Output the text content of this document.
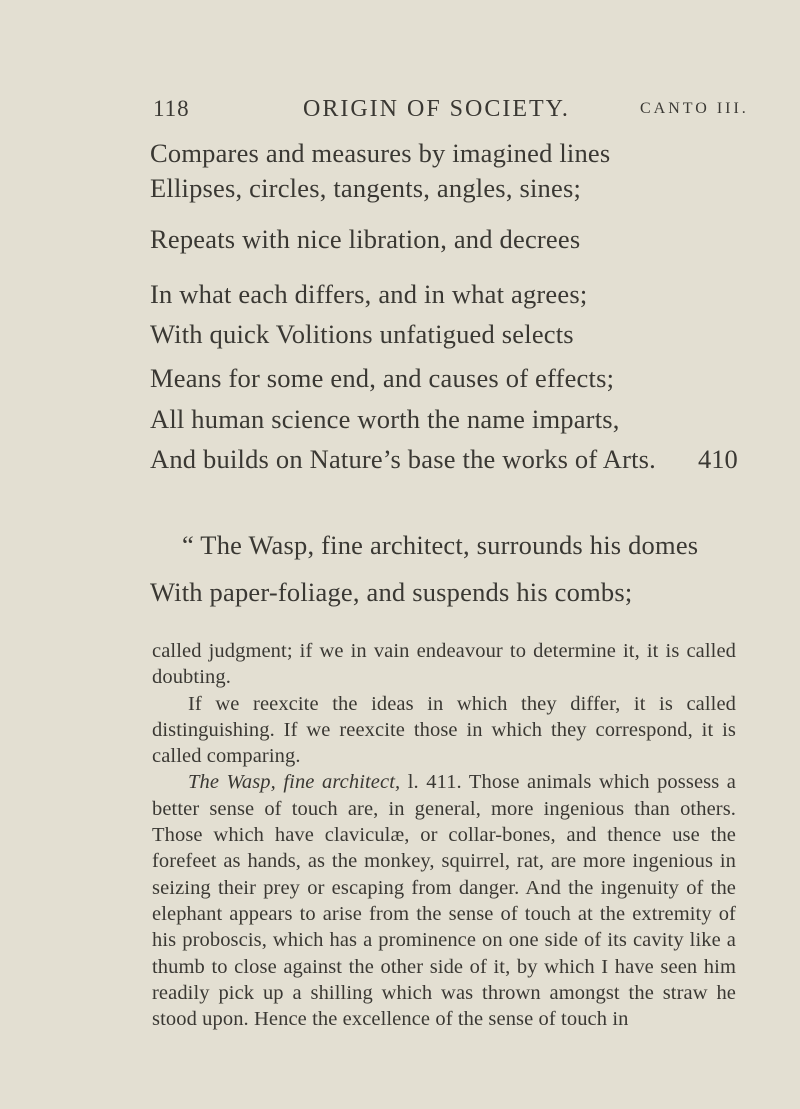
118	ORIGIN OF SOCIETY.	CANTO III.
Compares and measures by imagined lines
Ellipses, circles, tangents, angles, sines;
Repeats with nice libration, and decrees
In what each differs, and in what agrees;
With quick Volitions unfatigued selects
Means for some end, and causes of effects;
All human science worth the name imparts,
And builds on Nature’s base the works of Arts. 410
“ The Wasp, fine architect, surrounds his domes
With paper-foliage, and suspends his combs;

called judgment; if we in vain endeavour to determine it, it is called doubting.

If we reexcite the ideas in which they differ, it is called distinguishing. If we reexcite those in which they correspond, it is called comparing.

The Wasp, fine architect, l. 411. Those animals which possess a better sense of touch are, in general, more ingenious than others. Those which have claviculæ, or collar-bones, and thence use the forefeet as hands, as the monkey, squirrel, rat, are more ingenious in seizing their prey or escaping from danger. And the ingenuity of the elephant appears to arise from the sense of touch at the extremity of his proboscis, which has a prominence on one side of its cavity like a thumb to close against the other side of it, by which I have seen him readily pick up a shilling which was thrown amongst the straw he stood upon. Hence the excellence of the sense of touch in
